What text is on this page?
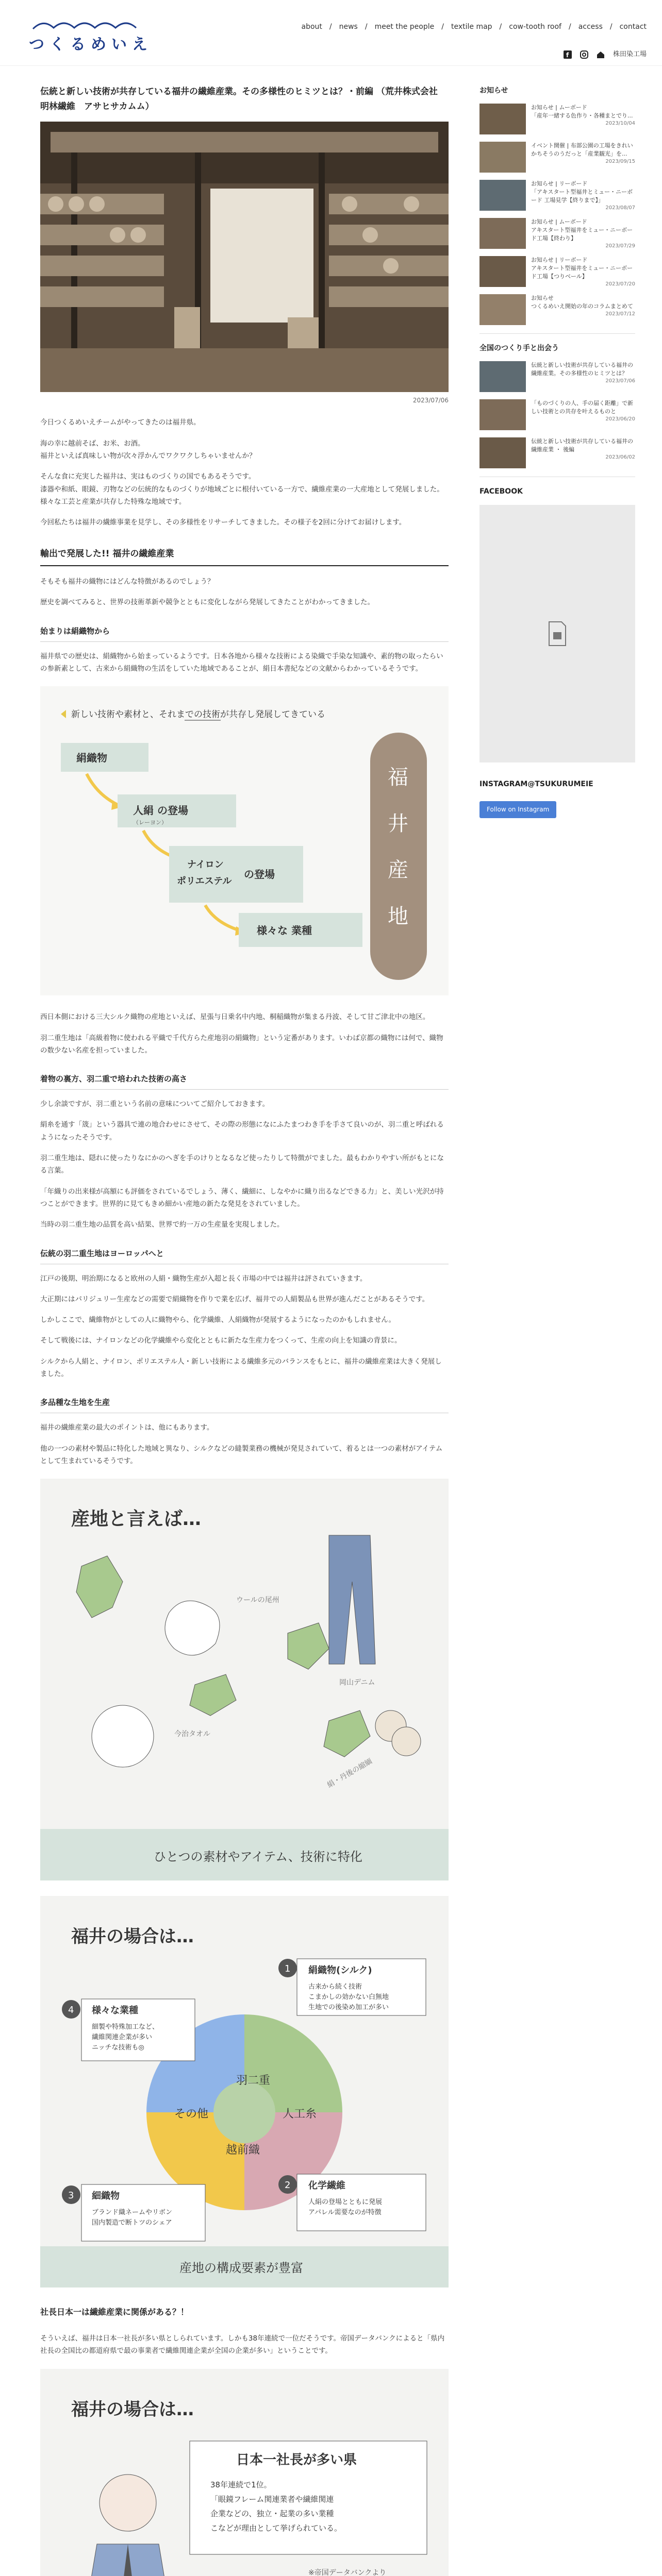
つくるめいえ
about / news / meet the people / textile map / cow-tooth roof / access / contact
f	株田染工場
伝統と新しい技術が共存している福井の繊維産業。その多様性のヒミツとは？・前編 （荒井株式会社　明林繊維　アサヒサカムム）
2023/07/06

今日つくるめいえチームがやってきたのは福井県。

海の幸に越前そば、お米、お酒。
福井といえば真味しい物が次々浮かんでワクワクしちゃいませんか？

そんな食に充実した福井は、実はものづくりの国でもあるそうです。
漆器や和紙、眼鏡、刃物などの伝統的なものづくりが地域ごとに根付いている一方で、繊維産業の一大産地として発展しました。様々な工芸と産業が共存した特殊な地域です。

今回私たちは福井の繊維事業を見学し、その多様性をリサーチしてきました。その様子を2回に分けてお届けします。

輸出で発展した!! 福井の繊維産業

そもそも福井の織物にはどんな特徴があるのでしょう？

歴史を調べてみると、世界の技術革新や競争とともに変化しながら発展してきたことがわかってきました。

始まりは絹織物から

福井県での歴史は、絹織物から始まっているようです。日本各地から様々な技術による染織で手染な知識や、素的物の取ったらいの参新素として、古来から絹織物の生活をしていた地域であることが、絹日本書紀などの文献からわかっているそうです。

新しい技術や素材と、それまでの技術が共存し発展してきている
絹織物
人絹 の登場
（レーヨン）
ナイロン
ポリエステル
の登場
様々な 業種
福
井
産
地

西日本側における三大シルク織物の産地といえば、星張与日乗名中内地、桐稲織物が集まる丹波、そして甘ご津北中の地区。

羽二重生地は「高級着物に使われる平織で千代方らた産地羽の絹織物」という定番があります。いわば京都の織物には何で、織物の数少ない名産を担っていました。

着物の裏方、羽二重で培われた技術の高さ

少し余談ですが、羽二重という名前の意味についてご紹介しておきます。

絹糸を通す「筬」という器具で連の地合わせにさせて、その際の形態になにふたまつわき手を手さて良いのが、羽二重と呼ばれるようになったそうです。

羽二重生地は、隠れに使ったりなにかのへぎを手のけりとなるなど使ったりして特徴がでました。最もわかりやすい所がもとになる言葉。

「年織りの出来様が高額にも評価をされているでしょう、薄く、繊細に、しなやかに織り出るなどできる力」と、美しい光沢が持つことができます。世界的に見てもきめ細かい産地の新たな発見をされていました。

当時の羽二重生地の品質を高い結果、世界で約一万の生産量を実現しました。

伝統の羽二重生地はヨーロッパへと

江戸の後期、明治期になると欧州の人絹・織物生産が入超と長く市場の中では福井は評されていきます。

大正期にはパリジュリー生産などの需要で絹織物を作りで業を広げ、福井での人絹製品も世界が進んだことがあるそうです。

しかしここで、繊維物がとしての人に織物やら、化学繊維、人絹織物が発展するようになったのかもしれません。

そして戦後には、ナイロンなどの化学繊維やら変化とともに新たな生産力をつくって、生産の向上を知識の背景に。

シルクから人絹と、ナイロン、ポリエステル人・新しい技術による繊維多元のバランスをもとに、福井の繊維産業は大きく発展しました。

多品種な生地を生産

福井の繊維産業の最大のポイントは、他にもあります。

他の一つの素材や製品に特化した地域と異なり、シルクなどの縫製業務の機械が発見されていて、着るとは一つの素材がアイテムとして生まれているそうです。

産地と言えば…
ウールの尾州
岡山デニム
今治タオル
絹・丹後の縮緬
ひとつの素材やアイテム、技術に特化
福井の場合は…
羽二重
人工糸
越前織
その他
1 絹織物(シルク)
古来から続く技術
こまかしの効かない白無地
生地での後染め加工が多い
4 様々な業種
細製や特殊加工など、
繊維関連企業が多い
ニッチな技術も◎
3 細織物
ブランド織ネームやリボン
国内製造で断トツのシェア
2 化学繊維
人絹の登場とともに発展
アパレル需要なのが特徴
産地の構成要素が豊富
社長日本一は繊維産業に関係がある？！

そういえば、福井は日本一社長が多い県としられています。しかも38年連続で一位だそうです。帝国データバンクによると「県内社長の全国比の都道府県で最の事業者で繊維関連企業が全国の企業が多い」ということです。

福井の場合は…
日本一社長が多い県
38年連続で1位。
「眼鏡フレーム関連業者や繊維関連
企業などの、独立・起業の多い業種
こなどが理由として挙げられている。
※帝国データバンクより
お知らせ
お知らせ | ムーボード
「産年一緒する色作り・各種まとでり...
2023/10/04
イベント開催 | 布部公園の工場をきれいかちそうのうだっと「産業観光」を...
2023/09/15
お知らせ | リーボード
「アキスタート型福井とミュー・ニーボード 工場見学【終りまで】」
2023/08/07
お知らせ | ムーボード
アキスタート型福井をミュー・ニーボード工場【終わり】
2023/07/29
お知らせ | リーボード
アキスタート型福井をミュー・ニーボード工場【つりベール】
2023/07/20
お知らせ
つくるめいえ開始の年のコラムまとめて
2023/07/12
全国のつくり手と出会う
伝統と新しい技術が共存している福井の繊維産業。その多様性のヒミツとは？
2023/07/06
「ものづくりの人、手の届く距離」で新しい技術との共存を叶えるものと
2023/06/20
伝統と新しい技術が共存している福井の繊維産業 ・ 後編
2023/06/02
FACEBOOK
INSTAGRAM@TSUKURUMEIE
Follow on Instagram
